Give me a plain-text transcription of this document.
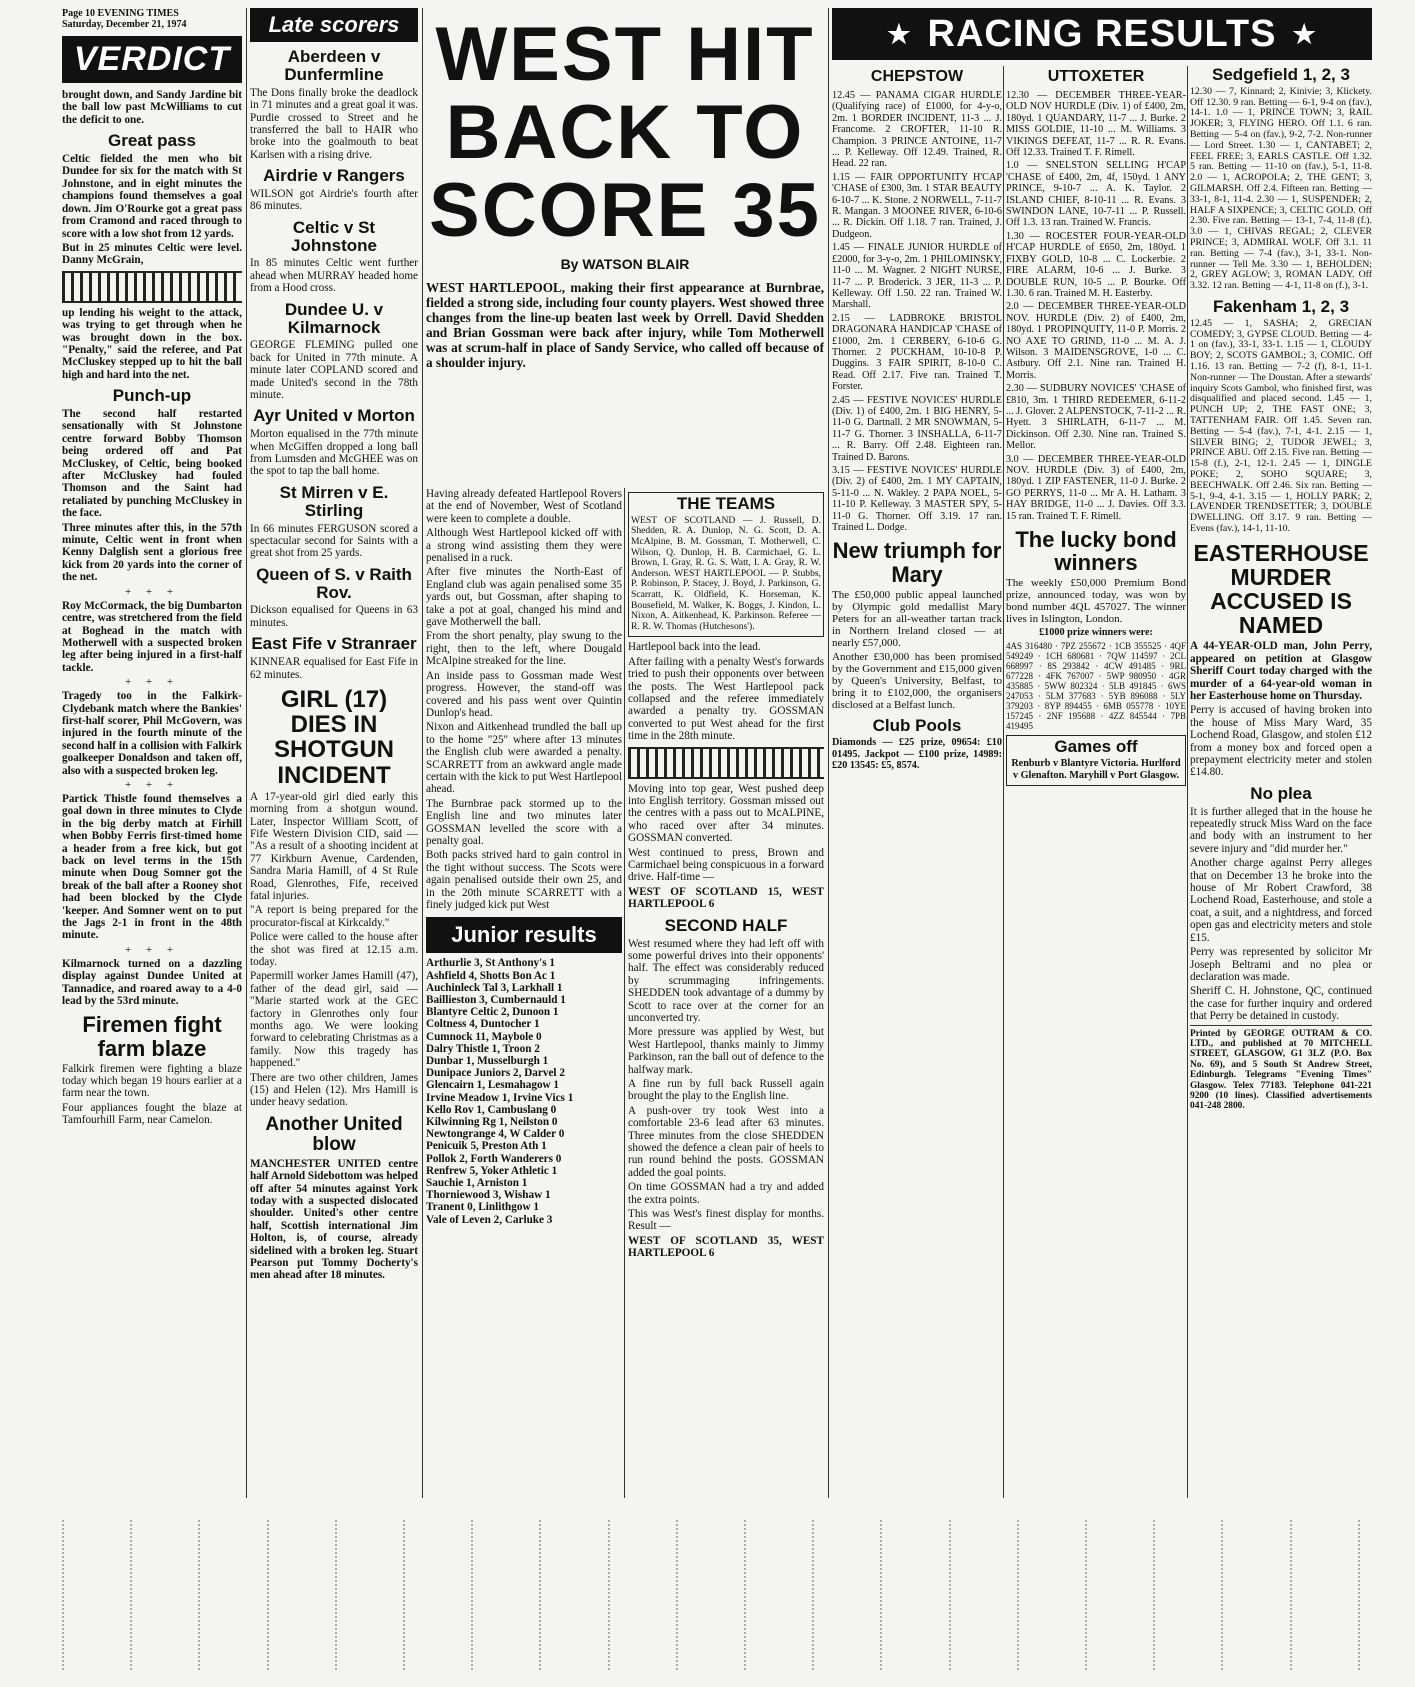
Page 10 EVENING TIMES
Saturday, December 21, 1974
VERDICT

brought down, and Sandy Jardine bit the ball low past McWilliams to cut the deficit to one.

Great pass

Celtic fielded the men who bit Dundee for six for the match with St Johnstone, and in eight minutes the champions found themselves a goal down. Jim O'Rourke got a great pass from Cramond and raced through to score with a low shot from 12 yards.

But in 25 minutes Celtic were level. Danny McGrain,

up lending his weight to the attack, was trying to get through when he was brought down in the box. "Penalty," said the referee, and Pat McCluskey stepped up to hit the ball high and hard into the net.

Punch-up

The second half restarted sensationally with St Johnstone centre forward Bobby Thomson being ordered off and Pat McCluskey, of Celtic, being booked after McCluskey had fouled Thomson and the Saint had retaliated by punching McCluskey in the face.

Three minutes after this, in the 57th minute, Celtic went in front when Kenny Dalglish sent a glorious free kick from 20 yards into the corner of the net.

+ + +

Roy McCormack, the big Dumbarton centre, was stretchered from the field at Boghead in the match with Motherwell with a suspected broken leg after being injured in a first-half tackle.

+ + +

Tragedy too in the Falkirk-Clydebank match where the Bankies' first-half scorer, Phil McGovern, was injured in the fourth minute of the second half in a collision with Falkirk goalkeeper Donaldson and taken off, also with a suspected broken leg.

+ + +

Partick Thistle found themselves a goal down in three minutes to Clyde in the big derby match at Firhill when Bobby Ferris first-timed home a header from a free kick, but got back on level terms in the 15th minute when Doug Somner got the break of the ball after a Rooney shot had been blocked by the Clyde 'keeper. And Somner went on to put the Jags 2-1 in front in the 48th minute.

+ + +

Kilmarnock turned on a dazzling display against Dundee United at Tannadice, and roared away to a 4-0 lead by the 53rd minute.

Firemen fight farm blaze

Falkirk firemen were fighting a blaze today which began 19 hours earlier at a farm near the town.

Four appliances fought the blaze at Tamfourhill Farm, near Camelon.

Late scorers
Aberdeen v Dunfermline

The Dons finally broke the deadlock in 71 minutes and a great goal it was. Purdie crossed to Street and he transferred the ball to HAIR who broke into the goalmouth to beat Karlsen with a rising drive.

Airdrie v Rangers

WILSON got Airdrie's fourth after 86 minutes.

Celtic v St Johnstone

In 85 minutes Celtic went further ahead when MURRAY headed home from a Hood cross.

Dundee U. v Kilmarnock

GEORGE FLEMING pulled one back for United in 77th minute. A minute later COPLAND scored and made United's second in the 78th minute.

Ayr United v Morton

Morton equalised in the 77th minute when McGiffen dropped a long ball from Lumsden and McGHEE was on the spot to tap the ball home.

St Mirren v E. Stirling

In 66 minutes FERGUSON scored a spectacular second for Saints with a great shot from 25 yards.

Queen of S. v Raith Rov.

Dickson equalised for Queens in 63 minutes.

East Fife v Stranraer

KINNEAR equalised for East Fife in 62 minutes.

GIRL (17) DIES IN SHOTGUN INCIDENT

A 17-year-old girl died early this morning from a shotgun wound. Later, Inspector William Scott, of Fife Western Division CID, said — "As a result of a shooting incident at 77 Kirkburn Avenue, Cardenden, Sandra Maria Hamill, of 4 St Rule Road, Glenrothes, Fife, received fatal injuries.

"A report is being prepared for the procurator-fiscal at Kirkcaldy."

Police were called to the house after the shot was fired at 12.15 a.m. today.

Papermill worker James Hamill (47), father of the dead girl, said — "Marie started work at the GEC factory in Glenrothes only four months ago. We were looking forward to celebrating Christmas as a family. Now this tragedy has happened."

There are two other children, James (15) and Helen (12). Mrs Hamill is under heavy sedation.

Another United blow

MANCHESTER UNITED centre half Arnold Sidebottom was helped off after 54 minutes against York today with a suspected dislocated shoulder. United's other centre half, Scottish international Jim Holton, is, of course, already sidelined with a broken leg. Stuart Pearson put Tommy Docherty's men ahead after 18 minutes.

WEST HIT BACK TO SCORE 35
By WATSON BLAIR

WEST HARTLEPOOL, making their first appearance at Burnbrae, fielded a strong side, including four county players. West showed three changes from the line-up beaten last week by Orrell. David Shedden and Brian Gossman were back after injury, while Tom Motherwell was at scrum-half in place of Sandy Service, who called off because of a shoulder injury.

Having already defeated Hartlepool Rovers at the end of November, West of Scotland were keen to complete a double.

Although West Hartlepool kicked off with a strong wind assisting them they were penalised in a ruck.

After five minutes the North-East of England club was again penalised some 35 yards out, but Gossman, after shaping to take a pot at goal, changed his mind and gave Motherwell the ball.

From the short penalty, play swung to the right, then to the left, where Dougald McAlpine streaked for the line.

An inside pass to Gossman made West progress. However, the stand-off was covered and his pass went over Quintin Dunlop's head.

Nixon and Aitkenhead trundled the ball up to the home "25" where after 13 minutes the English club were awarded a penalty. SCARRETT from an awkward angle made certain with the kick to put West Hartlepool ahead.

The Burnbrae pack stormed up to the English line and two minutes later GOSSMAN levelled the score with a penalty goal.

Both packs strived hard to gain control in the tight without success. The Scots were again penalised outside their own 25, and in the 20th minute SCARRETT with a finely judged kick put West

Junior results

Arthurlie 3, St Anthony's 1

Ashfield 4, Shotts Bon Ac 1

Auchinleck Tal 3, Larkhall 1

Baillieston 3, Cumbernauld 1

Blantyre Celtic 2, Dunoon 1

Coltness 4, Duntocher 1

Cumnock 11, Maybole 0

Dalry Thistle 1, Troon 2

Dunbar 1, Musselburgh 1

Dunipace Juniors 2, Darvel 2

Glencairn 1, Lesmahagow 1

Irvine Meadow 1, Irvine Vics 1

Kello Rov 1, Cambuslang 0

Kilwinning Rg 1, Neilston 0

Newtongrange 4, W Calder 0

Penicuik 5, Preston Ath 1

Pollok 2, Forth Wanderers 0

Renfrew 5, Yoker Athletic 1

Sauchie 1, Arniston 1

Thorniewood 3, Wishaw 1

Tranent 0, Linlithgow 1

Vale of Leven 2, Carluke 3

THE TEAMS

WEST OF SCOTLAND — J. Russell, D. Shedden, R. A. Dunlop, N. G. Scott, D. A. McAlpine, B. M. Gossman, T. Motherwell, C. Wilson, Q. Dunlop, H. B. Carmichael, G. L. Brown, I. Gray, R. G. S. Watt, I. A. Gray, R. W. Anderson. WEST HARTLEPOOL — P. Stubbs, P. Robinson, P. Stacey, J. Boyd, J. Parkinson, G. Scarratt, K. Oldfield, K. Horseman, K. Bousefield, M. Walker, K. Boggs, J. Kindon, L. Nixon, A. Aitkenhead, K. Parkinson. Referee — R. R. W. Thomas (Hutchesons').

Hartlepool back into the lead.

After failing with a penalty West's forwards tried to push their opponents over between the posts. The West Hartlepool pack collapsed and the referee immediately awarded a penalty try. GOSSMAN converted to put West ahead for the first time in the 28th minute.

Moving into top gear, West pushed deep into English territory. Gossman missed out the centres with a pass out to McALPINE, who raced over after 34 minutes. GOSSMAN converted.

West continued to press, Brown and Carmichael being conspicuous in a forward drive. Half-time —

WEST OF SCOTLAND 15, WEST HARTLEPOOL 6

SECOND HALF

West resumed where they had left off with some powerful drives into their opponents' half. The effect was considerably reduced by scrummaging infringements. SHEDDEN took advantage of a dummy by Scott to race over at the corner for an unconverted try.

More pressure was applied by West, but West Hartlepool, thanks mainly to Jimmy Parkinson, ran the ball out of defence to the halfway mark.

A fine run by full back Russell again brought the play to the English line.

A push-over try took West into a comfortable 23-6 lead after 63 minutes. Three minutes from the close SHEDDEN showed the defence a clean pair of heels to run round behind the posts. GOSSMAN added the goal points.

On time GOSSMAN had a try and added the extra points.

This was West's finest display for months. Result —

WEST OF SCOTLAND 35, WEST HARTLEPOOL 6

★ RACING RESULTS ★
CHEPSTOW

12.45 — PANAMA CIGAR HURDLE (Qualifying race) of £1000, for 4-y-o, 2m. 1 BORDER INCIDENT, 11-3 ... J. Francome. 2 CROFTER, 11-10 R. Champion. 3 PRINCE ANTOINE, 11-7 ... P. Kelleway. Off 12.49. Trained, R. Head. 22 ran.

1.15 — FAIR OPPORTUNITY H'CAP 'CHASE of £300, 3m. 1 STAR BEAUTY 6-10-7 ... K. Stone. 2 NORWELL, 7-11-7 R. Mangan. 3 MOONEE RIVER, 6-10-6 ... R. Dickin. Off 1.18. 7 ran. Trained, J. Dudgeon.

1.45 — FINALE JUNIOR HURDLE of £2000, for 3-y-o, 2m. 1 PHILOMINSKY, 11-0 ... M. Wagner. 2 NIGHT NURSE, 11-7 ... P. Broderick. 3 JER, 11-3 ... P. Kelleway. Off 1.50. 22 ran. Trained W. Marshall.

2.15 — LADBROKE BRISTOL DRAGONARA HANDICAP 'CHASE of £1000, 2m. 1 CERBERY, 6-10-6 G. Thorner. 2 PUCKHAM, 10-10-8 P. Duggins. 3 FAIR SPIRIT, 8-10-0 C. Read. Off 2.17. Five ran. Trained T. Forster.

2.45 — FESTIVE NOVICES' HURDLE (Div. 1) of £400, 2m. 1 BIG HENRY, 5-11-0 G. Dartnall. 2 MR SNOWMAN, 5-11-7 G. Thorner. 3 INSHALLA, 6-11-7 ... R. Barry. Off 2.48. Eighteen ran. Trained D. Barons.

3.15 — FESTIVE NOVICES' HURDLE (Div. 2) of £400, 2m. 1 MY CAPTAIN, 5-11-0 ... N. Wakley. 2 PAPA NOEL, 5-11-10 P. Kelleway. 3 MASTER SPY, 5-11-0 G. Thorner. Off 3.19. 17 ran. Trained L. Dodge.

New triumph for Mary

The £50,000 public appeal launched by Olympic gold medallist Mary Peters for an all-weather tartan track in Northern Ireland closed — at nearly £57,000.

Another £30,000 has been promised by the Government and £15,000 given by Queen's University, Belfast, to bring it to £102,000, the organisers disclosed at a Belfast lunch.

Club Pools

Diamonds — £25 prize, 09654: £10 01495. Jackpot — £100 prize, 14989: £20 13545: £5, 8574.

UTTOXETER

12.30 — DECEMBER THREE-YEAR-OLD NOV HURDLE (Div. 1) of £400, 2m, 180yd. 1 QUANDARY, 11-7 ... J. Burke. 2 MISS GOLDIE, 11-10 ... M. Williams. 3 VIKINGS DEFEAT, 11-7 ... R. R. Evans. Off 12.33. Trained T. F. Rimell.

1.0 — SNELSTON SELLING H'CAP 'CHASE of £400, 2m, 4f, 150yd. 1 ANY PRINCE, 9-10-7 ... A. K. Taylor. 2 ISLAND CHIEF, 8-10-11 ... R. Evans. 3 SWINDON LANE, 10-7-11 ... P. Russell. Off 1.3. 13 ran. Trained W. Francis.

1.30 — ROCESTER FOUR-YEAR-OLD H'CAP HURDLE of £650, 2m, 180yd. 1 FIXBY GOLD, 10-8 ... C. Lockerbie. 2 FIRE ALARM, 10-6 ... J. Burke. 3 DOUBLE RUN, 10-5 ... P. Bourke. Off 1.30. 6 ran. Trained M. H. Easterby.

2.0 — DECEMBER THREE-YEAR-OLD NOV. HURDLE (Div. 2) of £400, 2m, 180yd. 1 PROPINQUITY, 11-0 P. Morris. 2 NO AXE TO GRIND, 11-0 ... M. A. J. Wilson. 3 MAIDENSGROVE, 1-0 ... C. Astbury. Off 2.1. Nine ran. Trained H. Morris.

2.30 — SUDBURY NOVICES' 'CHASE of £810, 3m. 1 THIRD REDEEMER, 6-11-2 ... J. Glover. 2 ALPENSTOCK, 7-11-2 ... R. Hyett. 3 SHIRLATH, 6-11-7 ... M. Dickinson. Off 2.30. Nine ran. Trained S. Mellor.

3.0 — DECEMBER THREE-YEAR-OLD NOV. HURDLE (Div. 3) of £400, 2m, 180yd. 1 ZIP FASTENER, 11-0 J. Burke. 2 GO PERRYS, 11-0 ... Mr A. H. Latham. 3 HAY BRIDGE, 11-0 ... J. Davies. Off 3.3. 15 ran. Trained T. F. Rimell.

The lucky bond winners

The weekly £50,000 Premium Bond prize, announced today, was won by bond number 4QL 457027. The winner lives in Islington, London.

£1000 prize winners were:

4AS 316480 · 7PZ 255672 · 1CB 355525 · 4QF 549249 · 1CH 680681 · 7QW 114597 · 2CL 668997 · 8S 293842 · 4CW 491485 · 9RL 677228 · 4FK 767007 · 5WP 980950 · 4GR 435885 · 5WW 802324 · 5LB 491845 · 6WS 247053 · 5LM 377683 · 5YB 896088 · 5LY 379203 · 8YP 894455 · 6MB 055778 · 10YE 157245 · 2NF 195688 · 4ZZ 845544 · 7PB 419495

Games off

Renburb v Blantyre Victoria. Hurlford v Glenafton. Maryhill v Port Glasgow.

Sedgefield 1, 2, 3

12.30 — 7, Kinnard; 2, Kinivie; 3, Klickety. Off 12.30. 9 ran. Betting — 6-1, 9-4 on (fav.), 14-1. 1.0 — 1, PRINCE TOWN; 3, RAIL JOKER; 3, FLYING HERO. Off 1.1. 6 ran. Betting — 5-4 on (fav.), 9-2, 7-2. Non-runner — Lord Street. 1.30 — 1, CANTABET; 2, FEEL FREE; 3, EARLS CASTLE. Off 1.32. 5 ran. Betting — 11-10 on (fav.), 5-1, 11-8. 2.0 — 1, ACROPOLA; 2, THE GENT; 3, GILMARSH. Off 2.4. Fifteen ran. Betting — 33-1, 8-1, 11-4. 2.30 — 1, SUSPENDER; 2, HALF A SIXPENCE; 3, CELTIC GOLD. Off 2.30. Five ran. Betting — 13-1, 7-4, 11-8 (f.). 3.0 — 1, CHIVAS REGAL; 2, CLEVER PRINCE; 3, ADMIRAL WOLF. Off 3.1. 11 ran. Betting — 7-4 (fav.), 3-1, 33-1. Non-runner — Tell Me. 3.30 — 1, BEHOLDEN; 2, GREY AGLOW; 3, ROMAN LADY. Off 3.32. 12 ran. Betting — 4-1, 11-8 on (f.), 3-1.

Fakenham 1, 2, 3

12.45 — 1, SASHA; 2, GRECIAN COMEDY; 3, GYPSE CLOUD. Betting — 4-1 on (fav.), 33-1, 33-1. 1.15 — 1, CLOUDY BOY; 2, SCOTS GAMBOL; 3, COMIC. Off 1.16. 13 ran. Betting — 7-2 (f), 8-1, 11-1. Non-runner — The Doustan. After a stewards' inquiry Scots Gambol, who finished first, was disqualified and placed second. 1.45 — 1, PUNCH UP; 2, THE FAST ONE; 3, TATTENHAM FAIR. Off 1.45. Seven ran. Betting — 5-4 (fav.), 7-1, 4-1. 2.15 — 1, SILVER BING; 2, TUDOR JEWEL; 3, PRINCE ABU. Off 2.15. Five ran. Betting — 15-8 (f.), 2-1, 12-1. 2.45 — 1, DINGLE POKE; 2, SOHO SQUARE; 3, BEECHWALK. Off 2.46. Six ran. Betting — 5-1, 9-4, 4-1. 3.15 — 1, HOLLY PARK; 2, LAVENDER TRENDSETTER; 3, DOUBLE DWELLING. Off 3.17. 9 ran. Betting — Evens (fav.), 14-1, 11-10.

EASTERHOUSE MURDER ACCUSED IS NAMED

A 44-YEAR-OLD man, John Perry, appeared on petition at Glasgow Sheriff Court today charged with the murder of a 64-year-old woman in her Easterhouse home on Thursday.

Perry is accused of having broken into the house of Miss Mary Ward, 35 Lochend Road, Glasgow, and stolen £12 from a money box and forced open a prepayment electricity meter and stolen £14.80.

No plea

It is further alleged that in the house he repeatedly struck Miss Ward on the face and body with an instrument to her severe injury and "did murder her."

Another charge against Perry alleges that on December 13 he broke into the house of Mr Robert Crawford, 38 Lochend Road, Easterhouse, and stole a coat, a suit, and a nightdress, and forced open gas and electricity meters and stole £15.

Perry was represented by solicitor Mr Joseph Beltrami and no plea or declaration was made.

Sheriff C. H. Johnstone, QC, continued the case for further inquiry and ordered that Perry be detained in custody.

Printed by GEORGE OUTRAM & CO. LTD., and published at 70 MITCHELL STREET, GLASGOW, G1 3LZ (P.O. Box No. 69), and 5 South St Andrew Street, Edinburgh. Telegrams "Evening Times" Glasgow. Telex 77183. Telephone 041-221 9200 (10 lines). Classified advertisements 041-248 2800.
